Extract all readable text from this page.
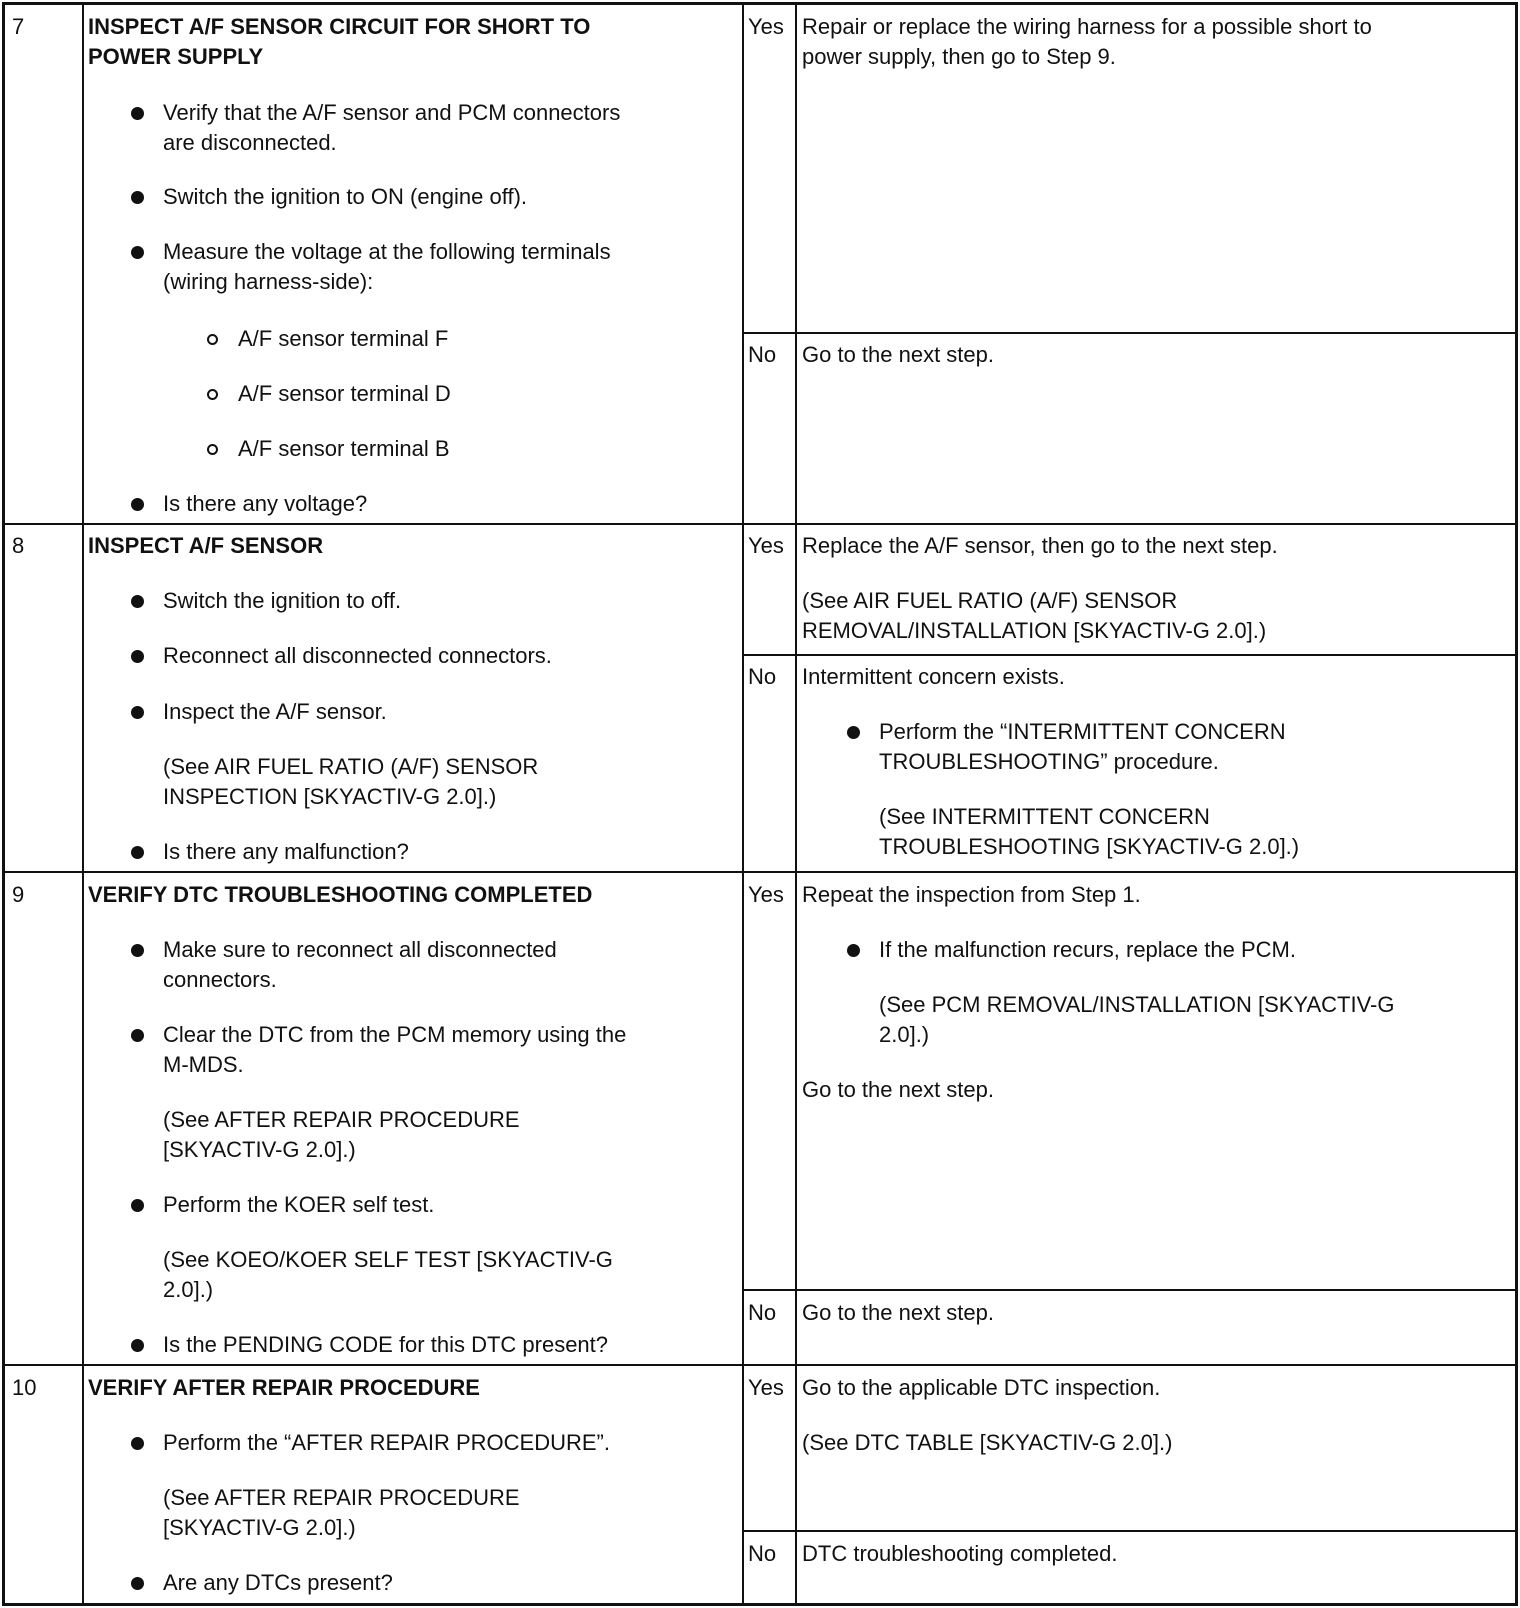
7	INSPECT A/F SENSOR CIRCUIT FOR SHORT TO
POWER SUPPLY
Verify that the A/F sensor and PCM connectors
are disconnected.
Switch the ignition to ON (engine off).
Measure the voltage at the following terminals
(wiring harness-side):
A/F sensor terminal F
A/F sensor terminal D
A/F sensor terminal B
Is there any voltage?
Yes Repair or replace the wiring harness for a possible short to
power supply, then go to Step 9.
No Go to the next step.
8	INSPECT A/F SENSOR
Switch the ignition to off.
Reconnect all disconnected connectors.
Inspect the A/F sensor.
(See AIR FUEL RATIO (A/F) SENSOR
INSPECTION [SKYACTIV-G 2.0].)
Is there any malfunction?
Yes Replace the A/F sensor, then go to the next step.
(See AIR FUEL RATIO (A/F) SENSOR
REMOVAL/INSTALLATION [SKYACTIV-G 2.0].)
No Intermittent concern exists.
Perform the “INTERMITTENT CONCERN
TROUBLESHOOTING” procedure.
(See INTERMITTENT CONCERN
TROUBLESHOOTING [SKYACTIV-G 2.0].)
9	VERIFY DTC TROUBLESHOOTING COMPLETED
Make sure to reconnect all disconnected
connectors.
Clear the DTC from the PCM memory using the
M-MDS.
(See AFTER REPAIR PROCEDURE
[SKYACTIV-G 2.0].)
Perform the KOER self test.
(See KOEO/KOER SELF TEST [SKYACTIV-G
2.0].)
Is the PENDING CODE for this DTC present?
Yes Repeat the inspection from Step 1.
If the malfunction recurs, replace the PCM.
(See PCM REMOVAL/INSTALLATION [SKYACTIV-G
2.0].)
Go to the next step.
No Go to the next step.
10 VERIFY AFTER REPAIR PROCEDURE
Perform the “AFTER REPAIR PROCEDURE”.
(See AFTER REPAIR PROCEDURE
[SKYACTIV-G 2.0].)
Are any DTCs present?
Yes Go to the applicable DTC inspection.
(See DTC TABLE [SKYACTIV-G 2.0].)
No DTC troubleshooting completed.
